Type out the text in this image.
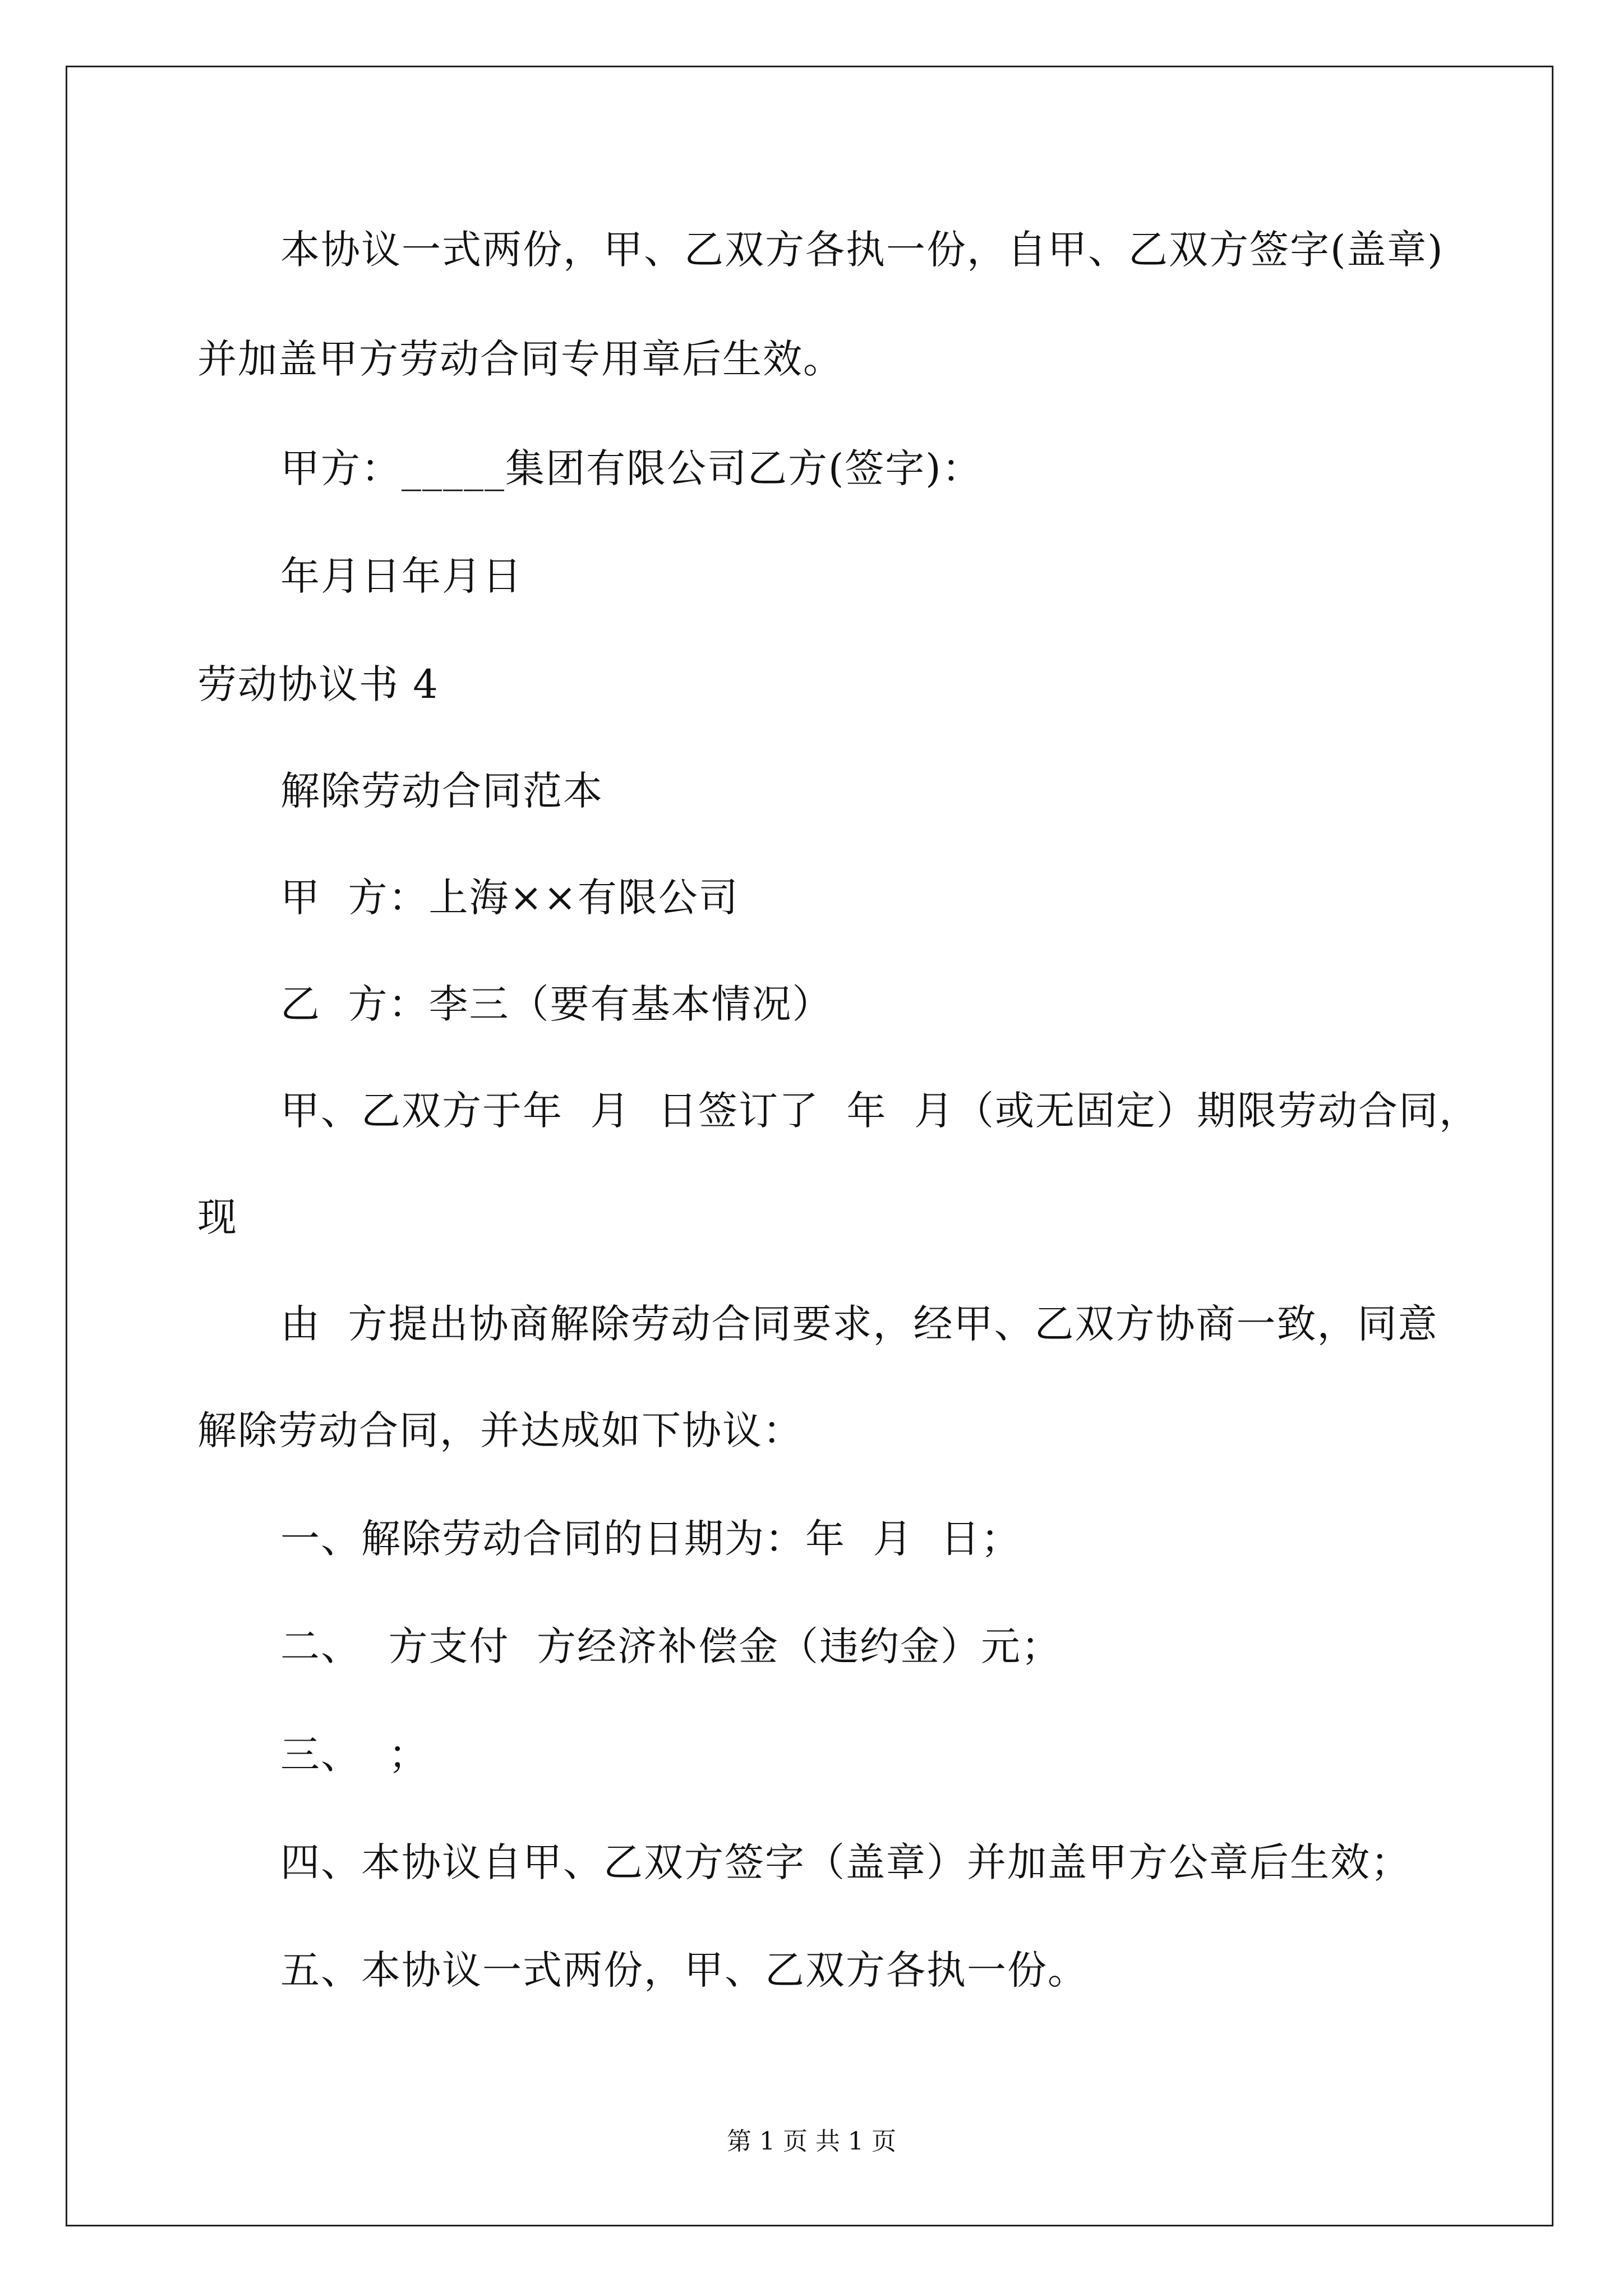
本协议一式两份，甲、乙双方各执一份，自甲、乙双方签字(盖章)
并加盖甲方劳动合同专用章后生效。
甲方：_____集团有限公司乙方(签字)：
年月日年月日
劳动协议书 4
解除劳动合同范本
甲  方：上海××有限公司
乙  方：李三（要有基本情况）
甲、乙双方于年  月  日签订了  年  月（或无固定）期限劳动合同，
现
由  方提出协商解除劳动合同要求，经甲、乙双方协商一致，同意
解除劳动合同，并达成如下协议：
一、解除劳动合同的日期为：年  月  日；
二、  方支付  方经济补偿金（违约金）元；
三、  ；
四、本协议自甲、乙双方签字（盖章）并加盖甲方公章后生效；
五、本协议一式两份，甲、乙双方各执一份。
第 1 页 共 1 页
